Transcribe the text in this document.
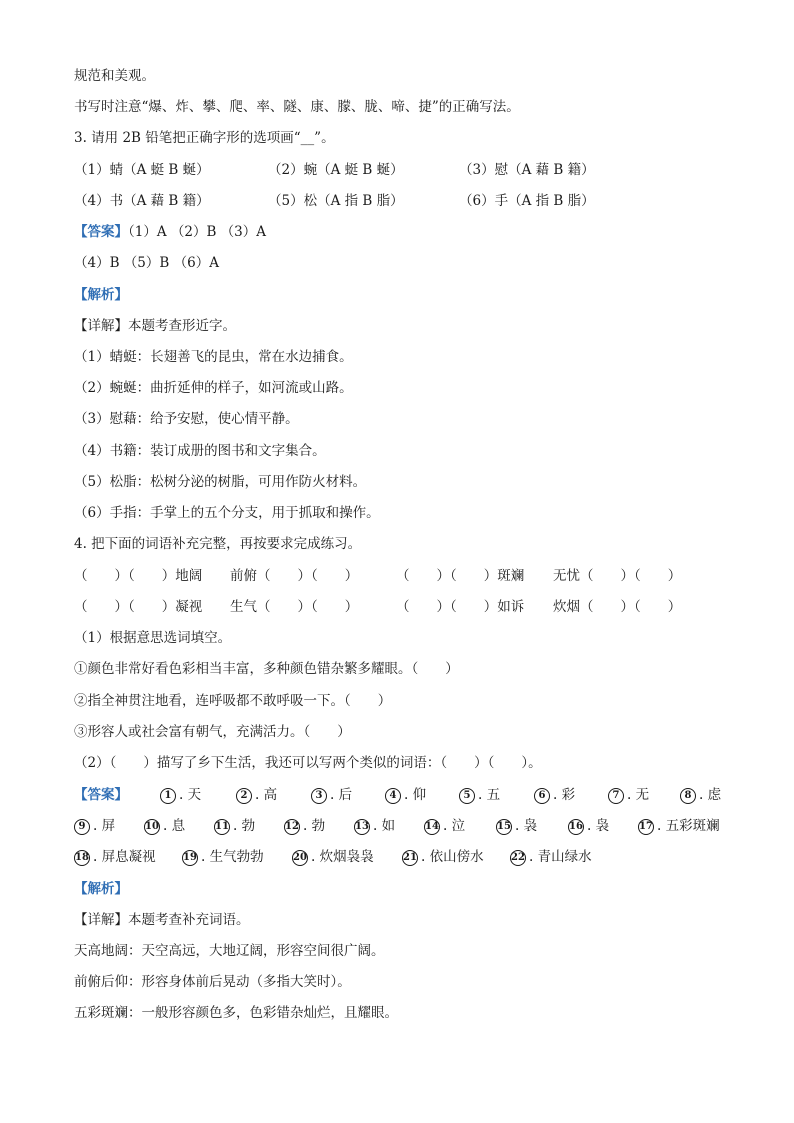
规范和美观。
书写时注意“爆、炸、攀、爬、率、隧、康、朦、胧、啼、捷”的正确写法。
3. 请用 2B 铅笔把正确字形的选项画“__”。
（1）蜻（A 蜓 B 蜒）	（2）蜿（A 蜓 B 蜒）	（3）慰（A 藉 B 籍）
（4）书（A 藉 B 籍）	（5）松（A 指 B 脂）	（6）手（A 指 B 脂）
【答案】（1）A （2）B （3）A
（4）B （5）B （6）A
【解析】
【详解】本题考查形近字。
（1）蜻蜓：长翅善飞的昆虫，常在水边捕食。
（2）蜿蜒：曲折延伸的样子，如河流或山路。
（3）慰藉：给予安慰，使心情平静。
（4）书籍：装订成册的图书和文字集合。
（5）松脂：松树分泌的树脂，可用作防火材料。
（6）手指：手掌上的五个分支，用于抓取和操作。
4. 把下面的词语补充完整，再按要求完成练习。
（　　）（　　）地阔 前俯（　　）（　　）	（　　）（　　）斑斓 无忧（　　）（　　）
（　　）（　　）凝视 生气（　　）（　　）	（　　）（　　）如诉 炊烟（　　）（　　）
（1）根据意思选词填空。
①颜色非常好看色彩相当丰富，多种颜色错杂繁多耀眼。（　　）
②指全神贯注地看，连呼吸都不敢呼吸一下。（　　）
③形容人或社会富有朝气，充满活力。（　　）
（2）（　　）描写了乡下生活，我还可以写两个类似的词语：（　　）（　　）。
【答案】	1 . 天	2 . 高	3 . 后	4 . 仰	5 . 五	6 . 彩	7 . 无	8 . 虑
9 . 屏	10 . 息	11 . 勃	12 . 勃	13 . 如	14 . 泣	15 . 袅	16 . 袅	17 . 五彩斑斓
18 . 屏息凝视	19 . 生气勃勃	20 . 炊烟袅袅	21 . 依山傍水	22 . 青山绿水
【解析】
【详解】本题考查补充词语。
天高地阔：天空高远，大地辽阔，形容空间很广阔。
前俯后仰：形容身体前后晃动（多指大笑时）。
五彩斑斓：一般形容颜色多，色彩错杂灿烂，且耀眼。
